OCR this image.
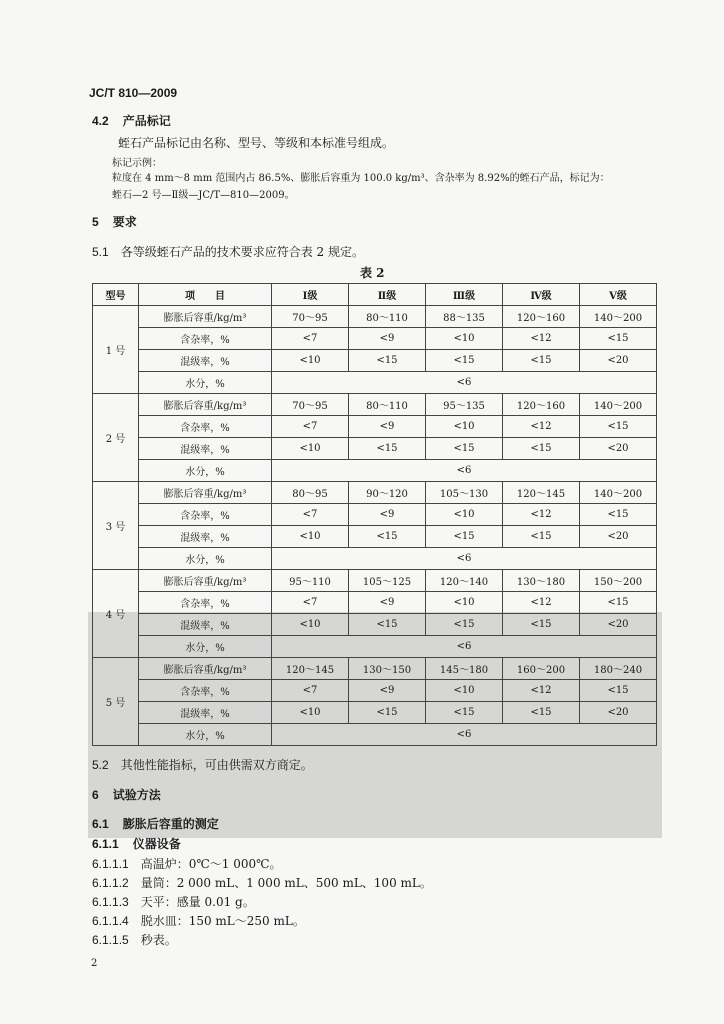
JC/T 810—2009
4.2 产品标记
蛭石产品标记由名称、型号、等级和本标准号组成。
标记示例：
粒度在 4 mm～8 mm 范围内占 86.5%、膨胀后容重为 100.0 kg/m³、含杂率为 8.92%的蛭石产品，标记为：
蛭石—2 号—Ⅱ级—JC/T—810—2009。
5 要求
5.1 各等级蛭石产品的技术要求应符合表 2 规定。
表 2
型号	项　　目	Ⅰ级	Ⅱ级	Ⅲ级	Ⅳ级	Ⅴ级
1 号	膨胀后容重/kg/m³	70～95	80～110	88～135	120～160	140～200
	含杂率，%	<7	<9	<10	<12	<15
	混级率，%	<10	<15	<15	<15	<20
	水分，%	<6				
2 号	膨胀后容重/kg/m³	70～95	80～110	95～135	120～160	140～200
	含杂率，%	<7	<9	<10	<12	<15
	混级率，%	<10	<15	<15	<15	<20
	水分，%	<6				
3 号	膨胀后容重/kg/m³	80～95	90～120	105～130	120～145	140～200
	含杂率，%	<7	<9	<10	<12	<15
	混级率，%	<10	<15	<15	<15	<20
	水分，%	<6				
4 号	膨胀后容重/kg/m³	95～110	105～125	120～140	130～180	150～200
	含杂率，%	<7	<9	<10	<12	<15
	混级率，%	<10	<15	<15	<15	<20
	水分，%	<6				
5 号	膨胀后容重/kg/m³	120～145	130～150	145～180	160～200	180～240
	含杂率，%	<7	<9	<10	<12	<15
	混级率，%	<10	<15	<15	<15	<20
	水分，%	<6				
5.2 其他性能指标，可由供需双方商定。
6 试验方法
6.1 膨胀后容重的测定
6.1.1 仪器设备
6.1.1.1 高温炉：0℃～1 000℃。
6.1.1.2 量筒：2 000 mL、1 000 mL、500 mL、100 mL。
6.1.1.3 天平：感量 0.01 g。
6.1.1.4 脱水皿：150 mL～250 mL。
6.1.1.5 秒表。
2
